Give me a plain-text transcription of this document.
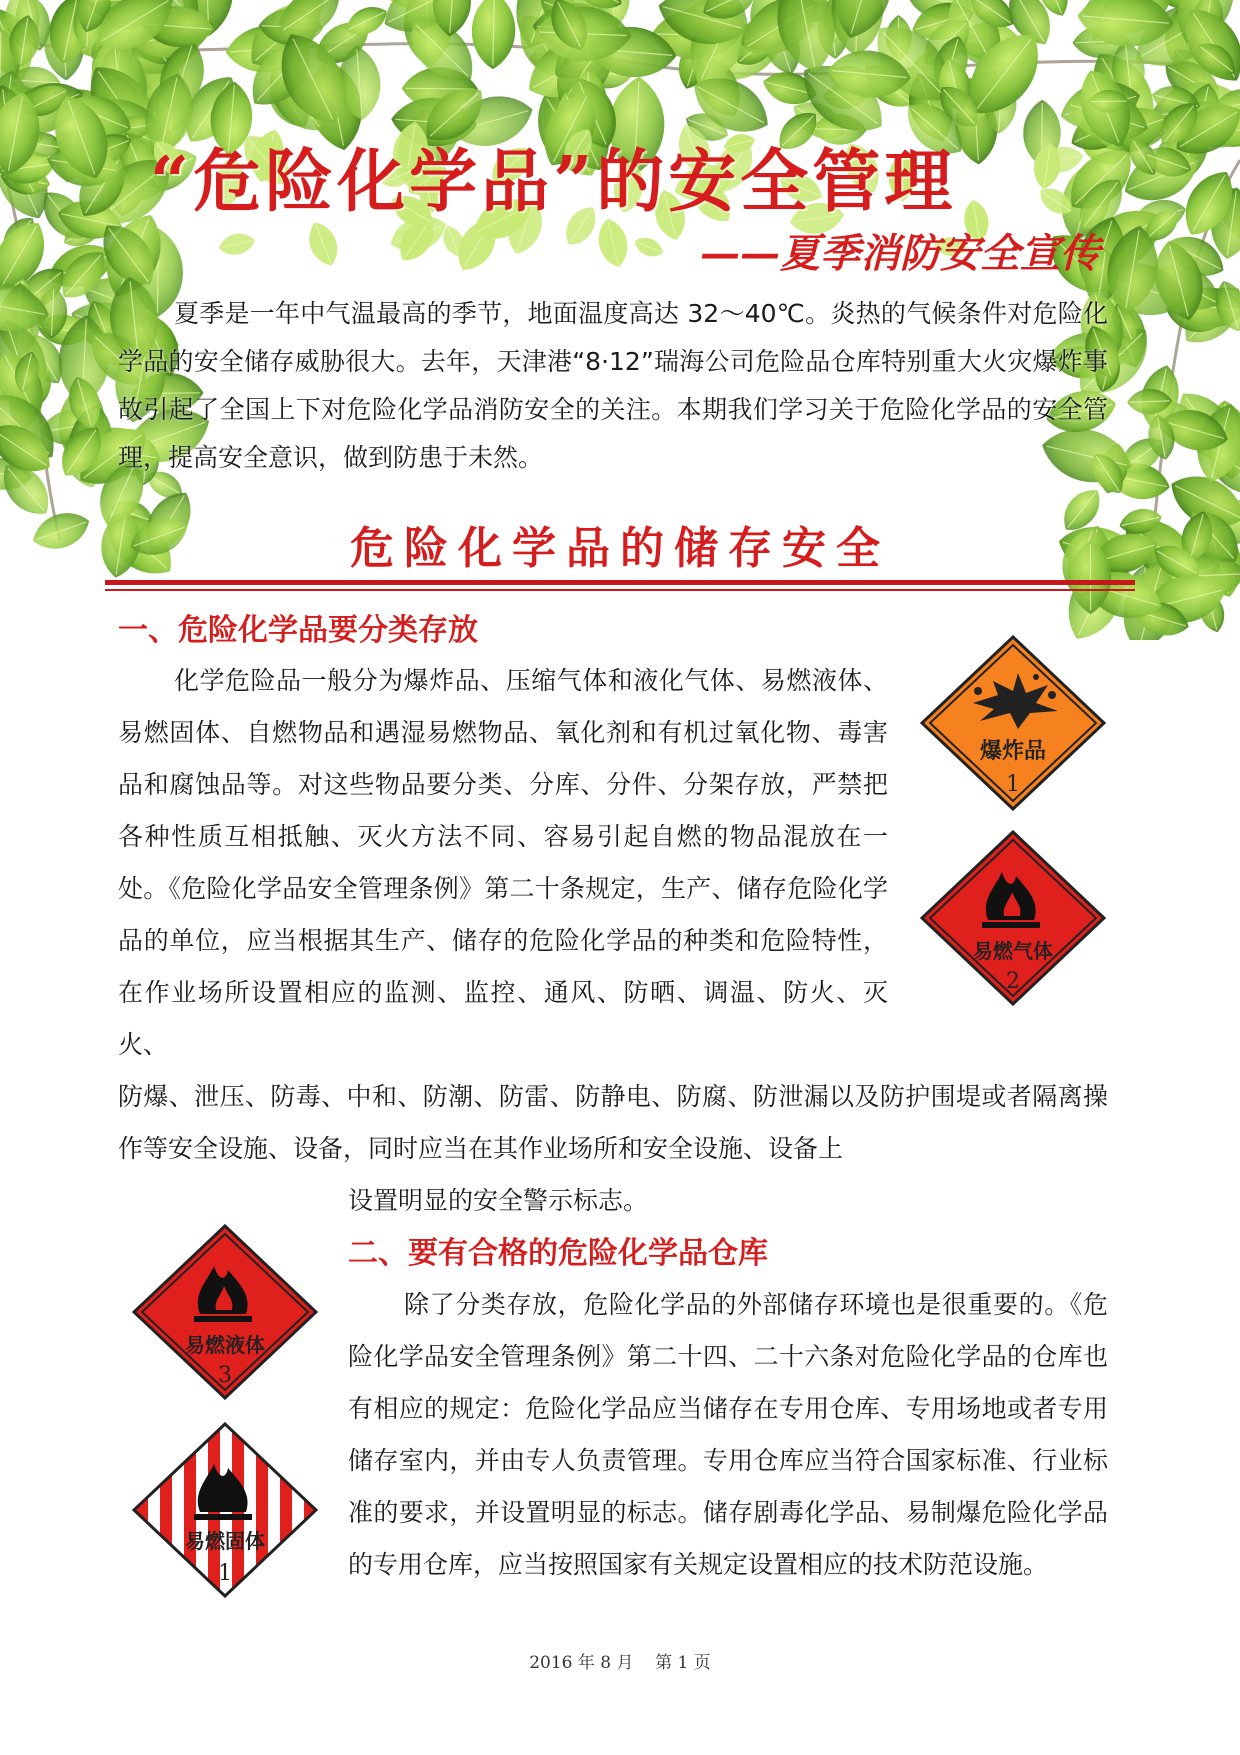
“危险化学品”的安全管理
——夏季消防安全宣传
夏季是一年中气温最高的季节，地面温度高达 32～40℃。炎热的气候条件对危险化学品的安全储存威胁很大。去年，天津港“8·12”瑞海公司危险品仓库特别重大火灾爆炸事故引起了全国上下对危险化学品消防安全的关注。本期我们学习关于危险化学品的安全管理，提高安全意识，做到防患于未然。
危险化学品的储存安全
一、危险化学品要分类存放
化学危险品一般分为爆炸品、压缩气体和液化气体、易燃液体、易燃固体、自燃物品和遇湿易燃物品、氧化剂和有机过氧化物、毒害品和腐蚀品等。对这些物品要分类、分库、分件、分架存放，严禁把各种性质互相抵触、灭火方法不同、容易引起自燃的物品混放在一处。《危险化学品安全管理条例》第二十条规定，生产、储存危险化学品的单位，应当根据其生产、储存的危险化学品的种类和危险特性，在作业场所设置相应的监测、监控、通风、防晒、调温、防火、灭火、
防爆、泄压、防毒、中和、防潮、防雷、防静电、防腐、防泄漏以及防护围堤或者隔离操作等安全设施、设备，同时应当在其作业场所和安全设施、设备上
设置明显的安全警示标志。
二、要有合格的危险化学品仓库
除了分类存放，危险化学品的外部储存环境也是很重要的。《危险化学品安全管理条例》第二十四、二十六条对危险化学品的仓库也有相应的规定：危险化学品应当储存在专用仓库、专用场地或者专用储存室内，并由专人负责管理。专用仓库应当符合国家标准、行业标准的要求，并设置明显的标志。储存剧毒化学品、易制爆危险化学品的专用仓库，应当按照国家有关规定设置相应的技术防范设施。
爆炸品
1
易燃气体
2
易燃液体
3
易燃固体
1
2016 年 8 月    第 1 页
